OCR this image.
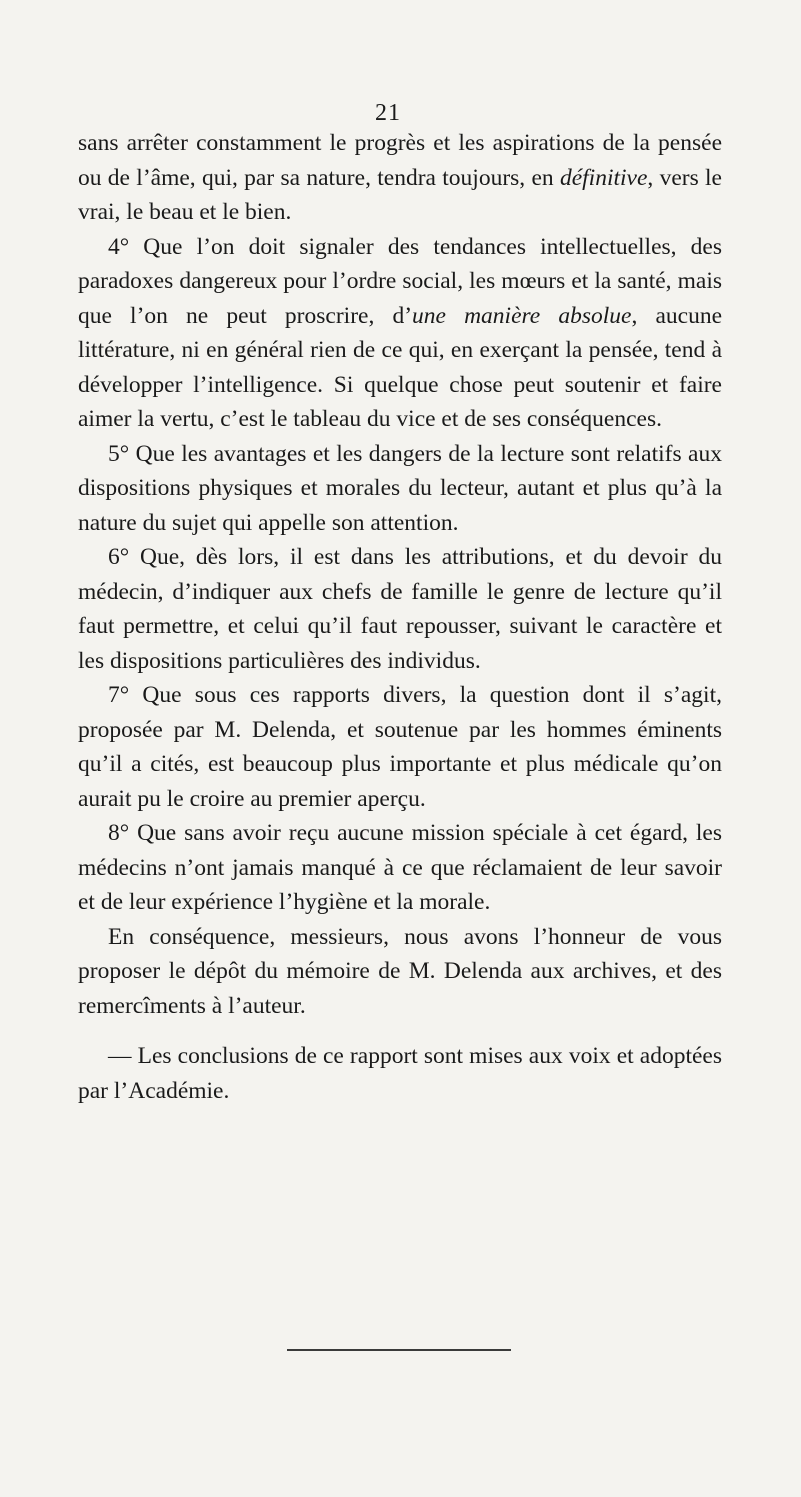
21

sans arrêter constamment le progrès et les aspirations de la pensée ou de l’âme, qui, par sa nature, tendra toujours, en définitive, vers le vrai, le beau et le bien.

4° Que l’on doit signaler des tendances intellectuelles, des paradoxes dangereux pour l’ordre social, les mœurs et la santé, mais que l’on ne peut proscrire, d’une manière absolue, aucune littérature, ni en général rien de ce qui, en exerçant la pensée, tend à développer l’intelligence. Si quelque chose peut soutenir et faire aimer la vertu, c’est le tableau du vice et de ses conséquences.

5° Que les avantages et les dangers de la lecture sont relatifs aux dispositions physiques et morales du lecteur, autant et plus qu’à la nature du sujet qui appelle son attention.

6° Que, dès lors, il est dans les attributions, et du devoir du médecin, d’indiquer aux chefs de famille le genre de lecture qu’il faut permettre, et celui qu’il faut repousser, suivant le caractère et les dispositions particulières des individus.

7° Que sous ces rapports divers, la question dont il s’agit, proposée par M. Delenda, et soutenue par les hommes éminents qu’il a cités, est beaucoup plus importante et plus médicale qu’on aurait pu le croire au premier aperçu.

8° Que sans avoir reçu aucune mission spéciale à cet égard, les médecins n’ont jamais manqué à ce que réclamaient de leur savoir et de leur expérience l’hygiène et la morale.

En conséquence, messieurs, nous avons l’honneur de vous proposer le dépôt du mémoire de M. Delenda aux archives, et des remercîments à l’auteur.

— Les conclusions de ce rapport sont mises aux voix et adoptées par l’Académie.
